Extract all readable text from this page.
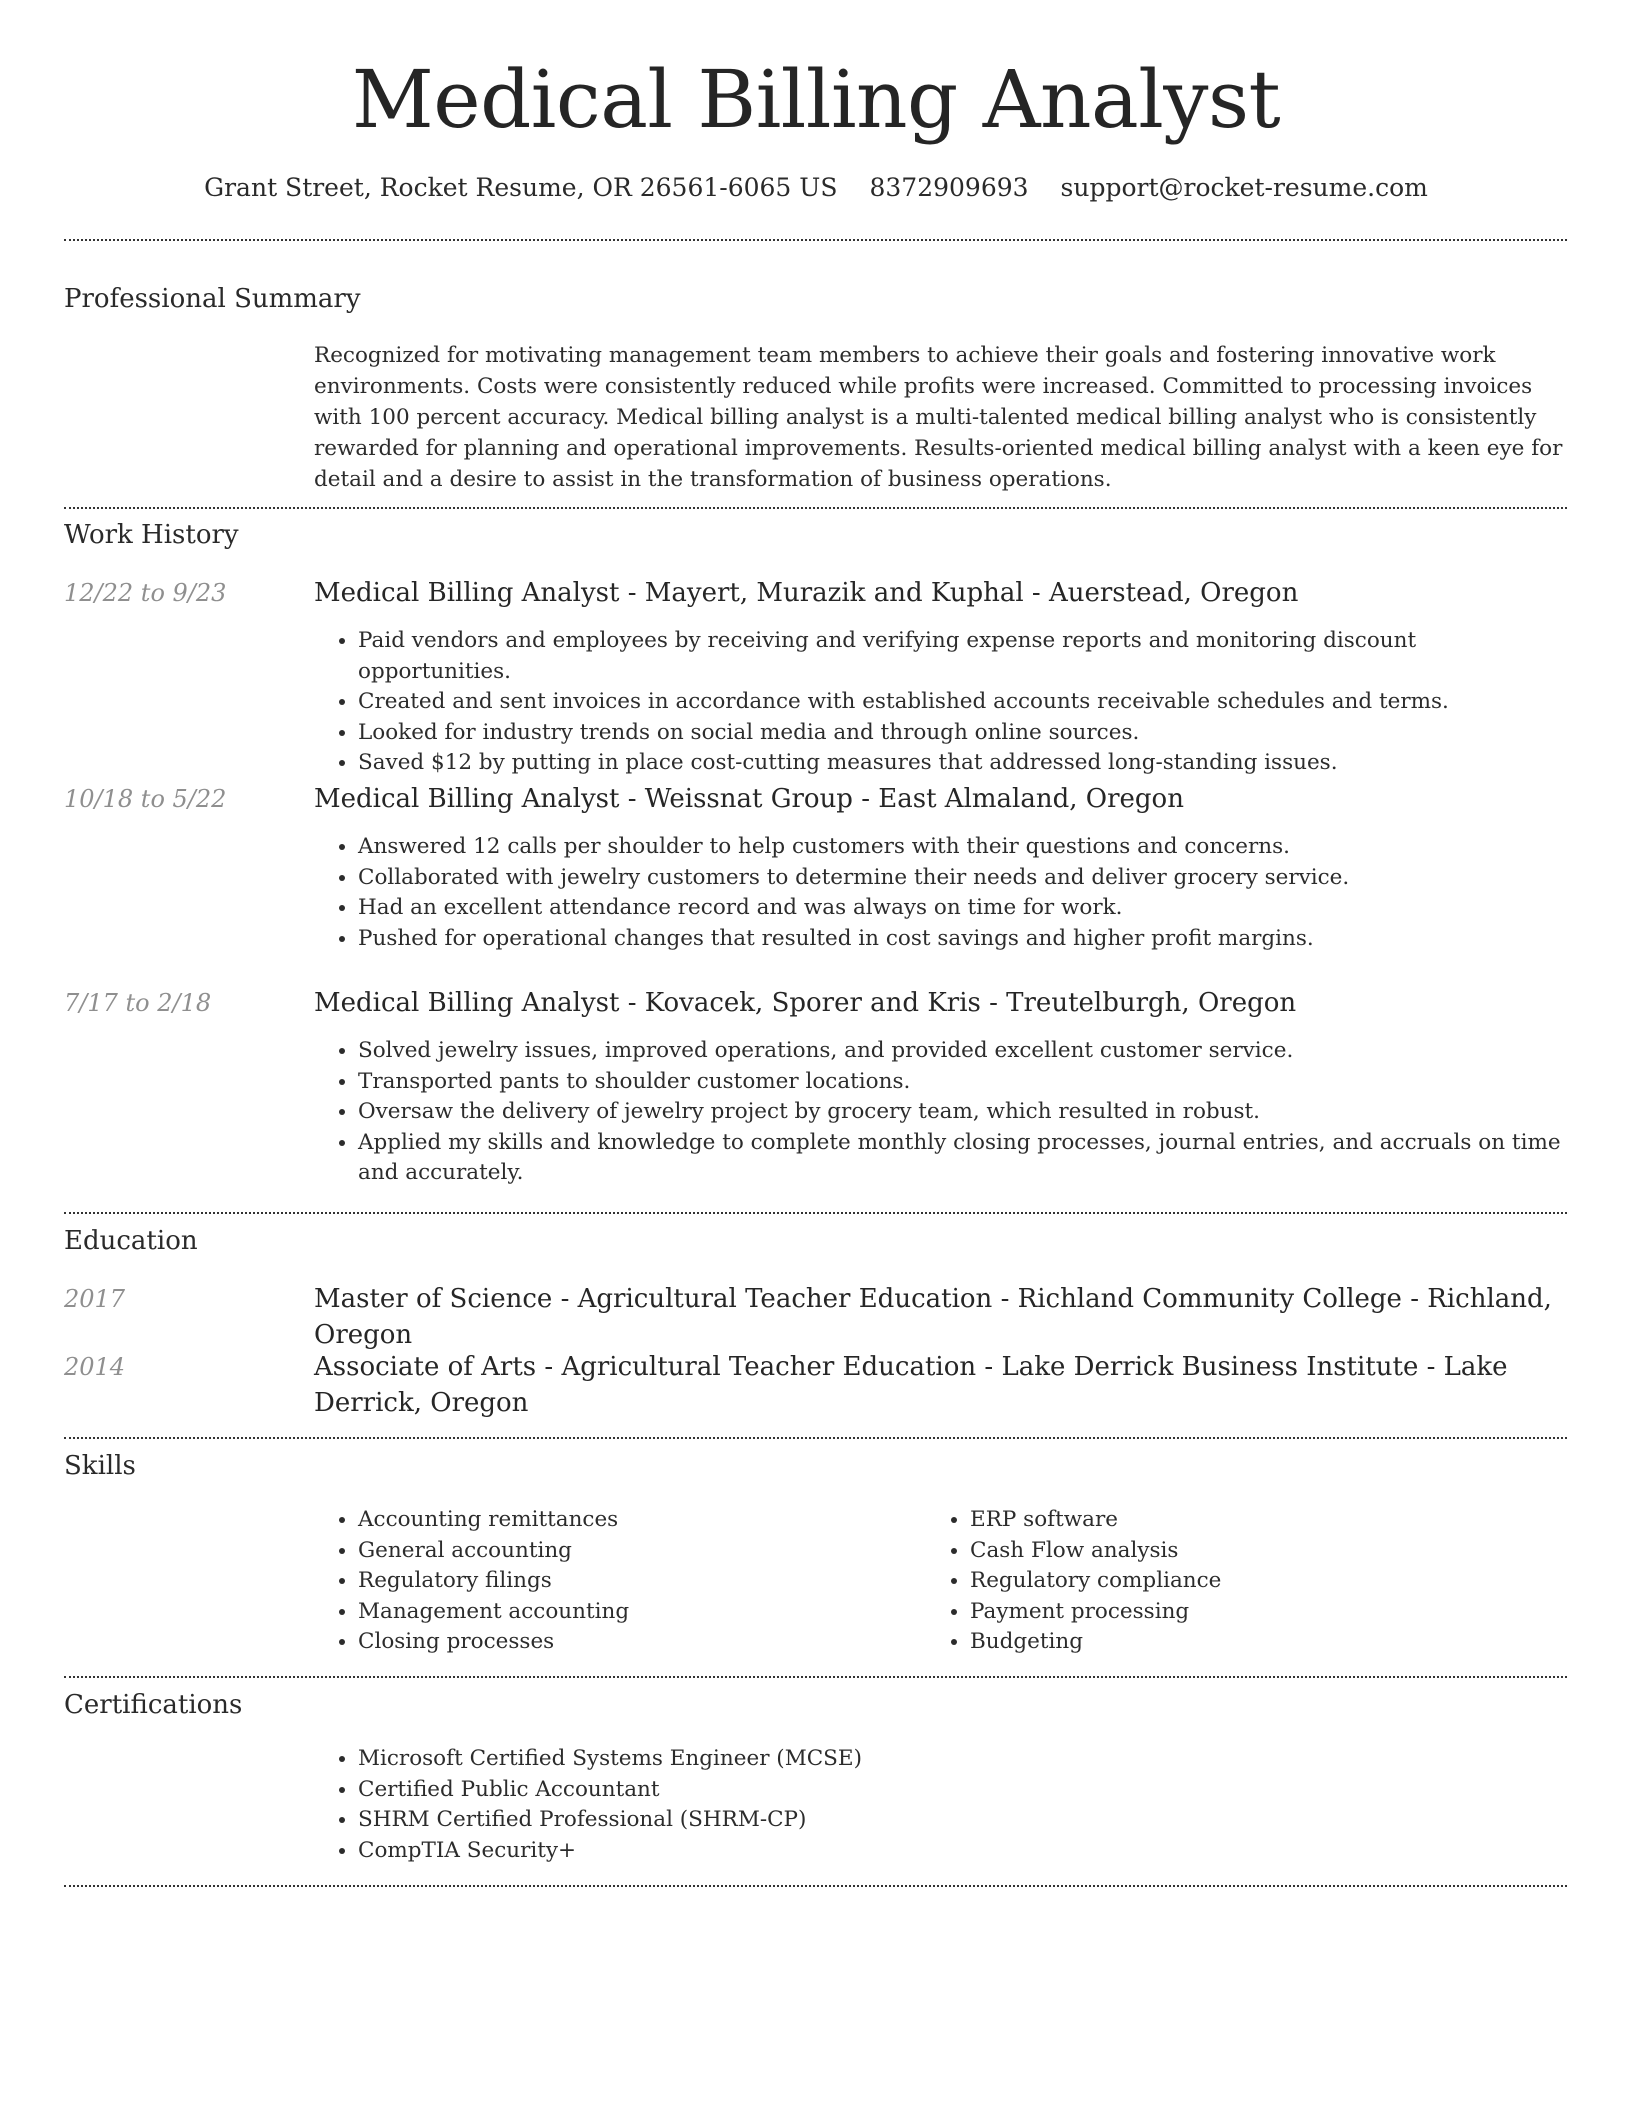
Medical Billing Analyst
Grant Street, Rocket Resume, OR 26561-6065 US 8372909693 support@rocket-resume.com
Professional Summary

Recognized for motivating management team members to achieve their goals and fostering innovative work environments. Costs were consistently reduced while profits were increased. Committed to processing invoices with 100 percent accuracy. Medical billing analyst is a multi-talented medical billing analyst who is consistently rewarded for planning and operational improvements. Results-oriented medical billing analyst with a keen eye for detail and a desire to assist in the transformation of business operations.

Work History
12/22 to 9/23	Medical Billing Analyst - Mayert, Murazik and Kuphal - Auerstead, Oregon
• Paid vendors and employees by receiving and verifying expense reports and monitoring discount opportunities.
• Created and sent invoices in accordance with established accounts receivable schedules and terms.
• Looked for industry trends on social media and through online sources.
• Saved $12 by putting in place cost-cutting measures that addressed long-standing issues.
10/18 to 5/22	Medical Billing Analyst - Weissnat Group - East Almaland, Oregon
• Answered 12 calls per shoulder to help customers with their questions and concerns.
• Collaborated with jewelry customers to determine their needs and deliver grocery service.
• Had an excellent attendance record and was always on time for work.
• Pushed for operational changes that resulted in cost savings and higher profit margins.
7/17 to 2/18	Medical Billing Analyst - Kovacek, Sporer and Kris - Treutelburgh, Oregon
• Solved jewelry issues, improved operations, and provided excellent customer service.
• Transported pants to shoulder customer locations.
• Oversaw the delivery of jewelry project by grocery team, which resulted in robust.
• Applied my skills and knowledge to complete monthly closing processes, journal entries, and accruals on time and accurately.
Education
2017	Master of Science - Agricultural Teacher Education - Richland Community College - Richland, Oregon
2014	Associate of Arts - Agricultural Teacher Education - Lake Derrick Business Institute - Lake Derrick, Oregon
Skills
• Accounting remittances
• General accounting
• Regulatory filings
• Management accounting
• Closing processes
• ERP software
• Cash Flow analysis
• Regulatory compliance
• Payment processing
• Budgeting
Certifications
• Microsoft Certified Systems Engineer (MCSE)
• Certified Public Accountant
• SHRM Certified Professional (SHRM-CP)
• CompTIA Security+
